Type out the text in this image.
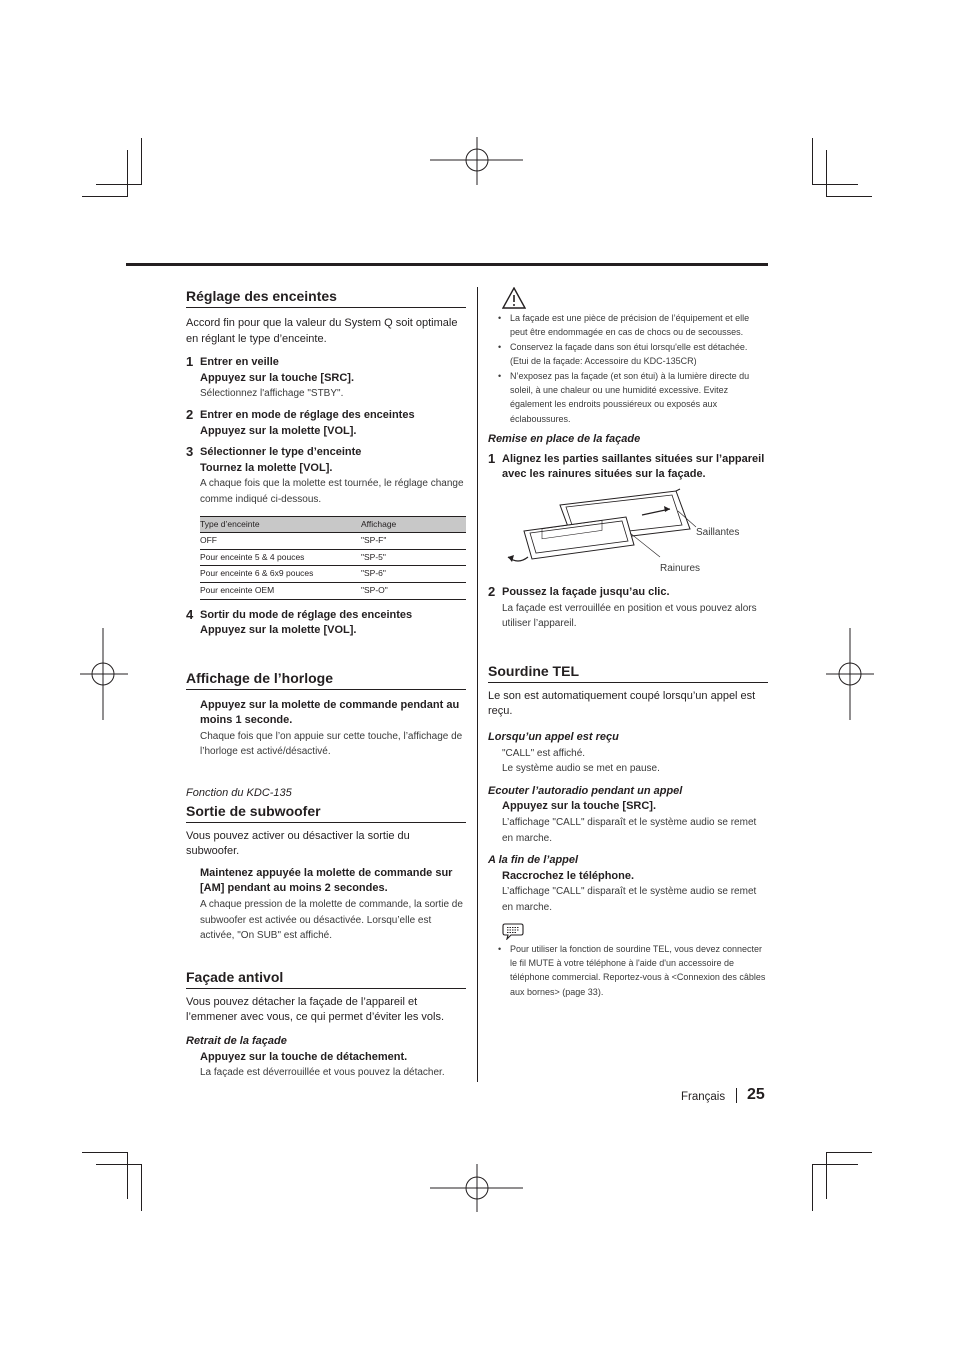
Réglage des enceintes

Accord fin pour que la valeur du System Q soit optimale en réglant le type d’enceinte.

1 Entrer en veille
Appuyez sur la touche [SRC].
Sélectionnez l'affichage "STBY".
2 Entrer en mode de réglage des enceintes
Appuyez sur la molette [VOL].
3 Sélectionner le type d’enceinte
Tournez la molette [VOL].
A chaque fois que la molette est tournée, le réglage change comme indiqué ci-dessous.
Type d’enceinte	Affichage
OFF	"SP-F"
Pour enceinte 5 & 4 pouces	"SP-5"
Pour enceinte 6 & 6x9 pouces	"SP-6"
Pour enceinte OEM	"SP-O"
4 Sortir du mode de réglage des enceintes
Appuyez sur la molette [VOL].
Affichage de l’horloge
Appuyez sur la molette de commande pendant au moins 1 seconde.
Chaque fois que l’on appuie sur cette touche, l’affichage de l’horloge est activé/désactivé.
Fonction du KDC-135
Sortie de subwoofer

Vous pouvez activer ou désactiver la sortie du subwoofer.

Maintenez appuyée la molette de commande sur [AM] pendant au moins 2 secondes.
A chaque pression de la molette de commande, la sortie de subwoofer est activée ou désactivée. Lorsqu’elle est activée, "On SUB" est affiché.
Façade antivol

Vous pouvez détacher la façade de l’appareil et l’emmener avec vous, ce qui permet d’éviter les vols.

Retrait de la façade
Appuyez sur la touche de détachement.
La façade est déverrouillée et vous pouvez la détacher.
• La façade est une pièce de précision de l’équipement et elle peut être endommagée en cas de chocs ou de secousses.
• Conservez la façade dans son étui lorsqu'elle est détachée. (Etui de la façade: Accessoire du KDC-135CR)
• N’exposez pas la façade (et son étui) à la lumière directe du soleil, à une chaleur ou une humidité excessive. Evitez également les endroits poussiéreux ou exposés aux éclaboussures.
Remise en place de la façade
1 Alignez les parties saillantes situées sur l’appareil avec les rainures situées sur la façade.
Saillantes
Rainures
2 Poussez la façade jusqu’au clic.
La façade est verrouillée en position et vous pouvez alors utiliser l’appareil.
Sourdine TEL

Le son est automatiquement coupé lorsqu’un appel est reçu.

Lorsqu’un appel est reçu
"CALL" est affiché.
Le système audio se met en pause.
Ecouter l’autoradio pendant un appel
Appuyez sur la touche [SRC].
L’affichage "CALL" disparaît et le système audio se remet en marche.
A la fin de l’appel
Raccrochez le téléphone.
L’affichage "CALL" disparaît et le système audio se remet en marche.
• Pour utiliser la fonction de sourdine TEL, vous devez connecter le fil MUTE à votre téléphone à l'aide d'un accessoire de téléphone commercial. Reportez-vous à <Connexion des câbles aux bornes> (page 33).
Français 25
